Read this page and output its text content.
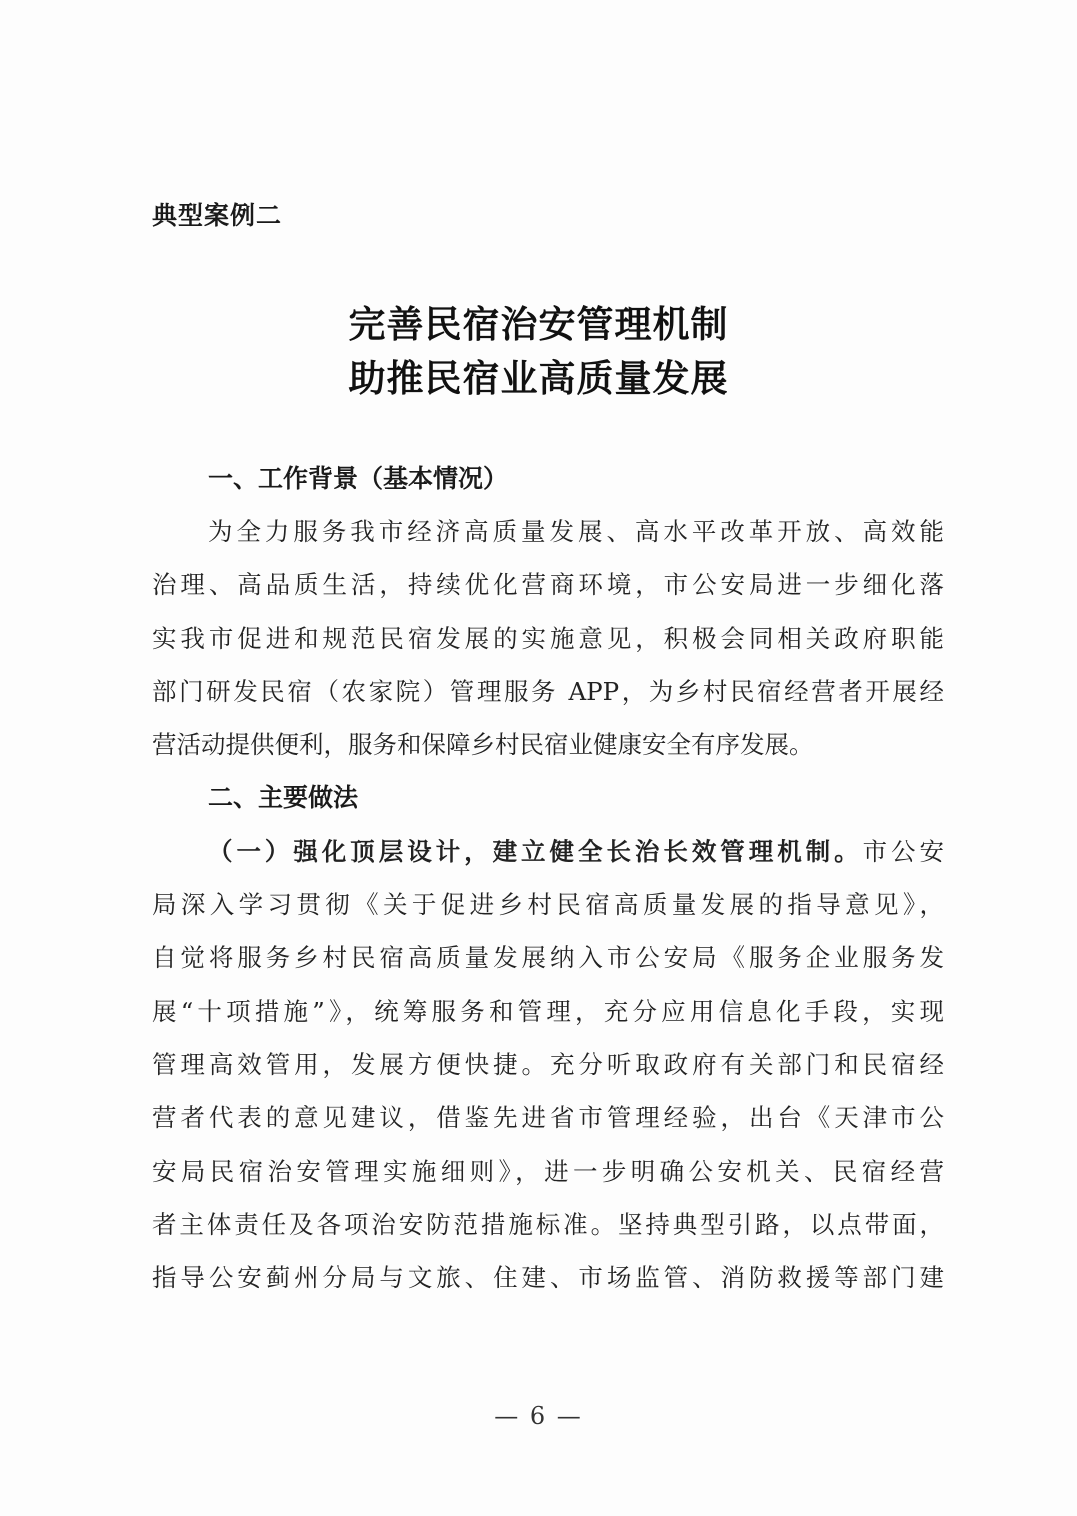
典型案例二
完善民宿治安管理机制
助推民宿业高质量发展
一、工作背景（基本情况）
为全力服务我市经济高质量发展、高水平改革开放、高效能
治理、高品质生活，持续优化营商环境，市公安局进一步细化落
实我市促进和规范民宿发展的实施意见，积极会同相关政府职能
部门研发民宿（农家院）管理服务 APP，为乡村民宿经营者开展经
营活动提供便利，服务和保障乡村民宿业健康安全有序发展。
二、主要做法
（一）强化顶层设计，建立健全长治长效管理机制。市公安
局深入学习贯彻《关于促进乡村民宿高质量发展的指导意见》，
自觉将服务乡村民宿高质量发展纳入市公安局《服务企业服务发
展“十项措施”》，统筹服务和管理，充分应用信息化手段，实现
管理高效管用，发展方便快捷。充分听取政府有关部门和民宿经
营者代表的意见建议，借鉴先进省市管理经验，出台《天津市公
安局民宿治安管理实施细则》，进一步明确公安机关、民宿经营
者主体责任及各项治安防范措施标准。坚持典型引路，以点带面，
指导公安蓟州分局与文旅、住建、市场监管、消防救援等部门建
— 6 —
